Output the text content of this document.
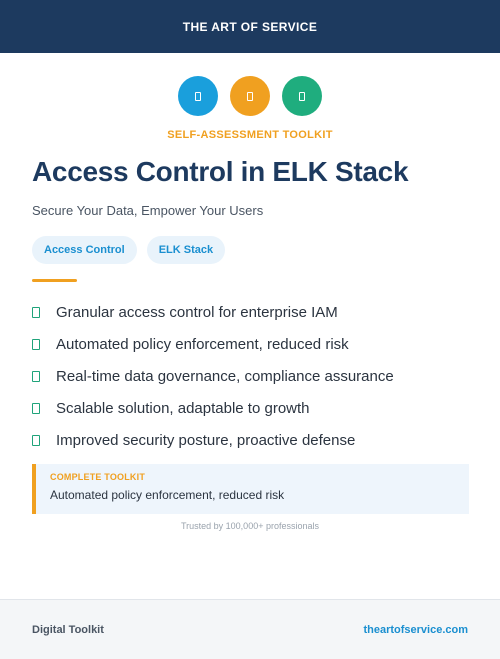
THE ART OF SERVICE
SELF-ASSESSMENT TOOLKIT
Access Control in ELK Stack
Secure Your Data, Empower Your Users
Access Control	ELK Stack
Granular access control for enterprise IAM
Automated policy enforcement, reduced risk
Real-time data governance, compliance assurance
Scalable solution, adaptable to growth
Improved security posture, proactive defense
COMPLETE TOOLKIT
Automated policy enforcement, reduced risk
Trusted by 100,000+ professionals
Digital Toolkit	theartofservice.com
